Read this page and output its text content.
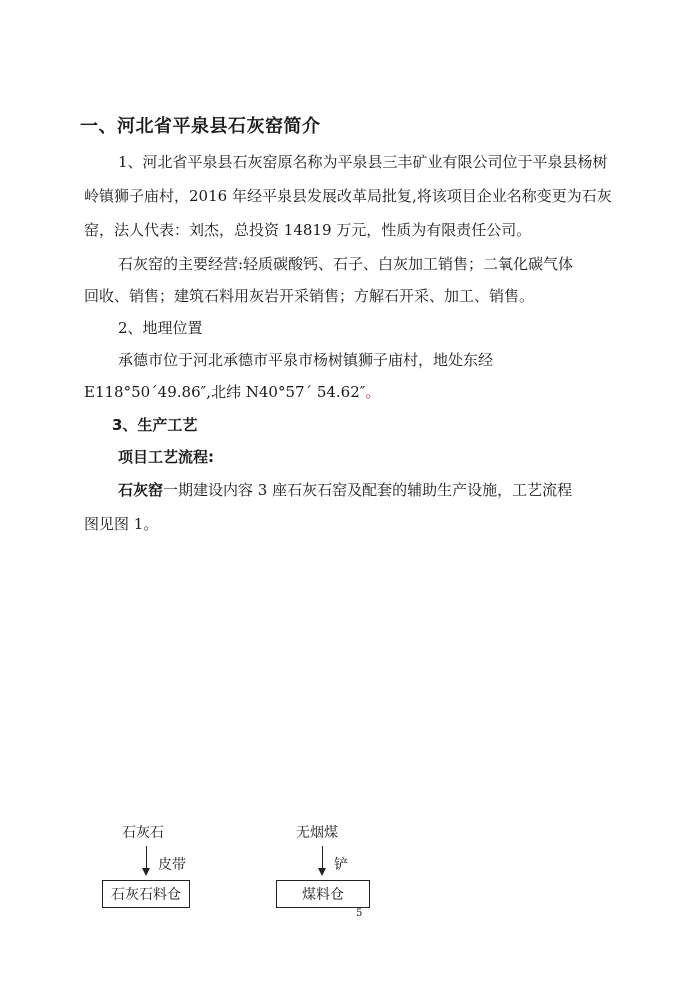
一、河北省平泉县石灰窑简介
1、河北省平泉县石灰窑原名称为平泉县三丰矿业有限公司位于平泉县杨树
岭镇狮子庙村，2016 年经平泉县发展改革局批复,将该项目企业名称变更为石灰
窑，法人代表：刘杰，总投资 14819 万元，性质为有限责任公司。
石灰窑的主要经营:轻质碳酸钙、石子、白灰加工销售；二氧化碳气体
回收、销售；建筑石料用灰岩开采销售；方解石开采、加工、销售。
2、地理位置
承德市位于河北承德市平泉市杨树镇狮子庙村，地处东经
E118°50´49.86″,北纬 N40°57´ 54.62″。
3、生产工艺
项目工艺流程:
石灰窑一期建设内容 3 座石灰石窑及配套的辅助生产设施，工艺流程
图见图 1。
石灰石
皮带
石灰石料仓
无烟煤
铲
煤料仓
5
